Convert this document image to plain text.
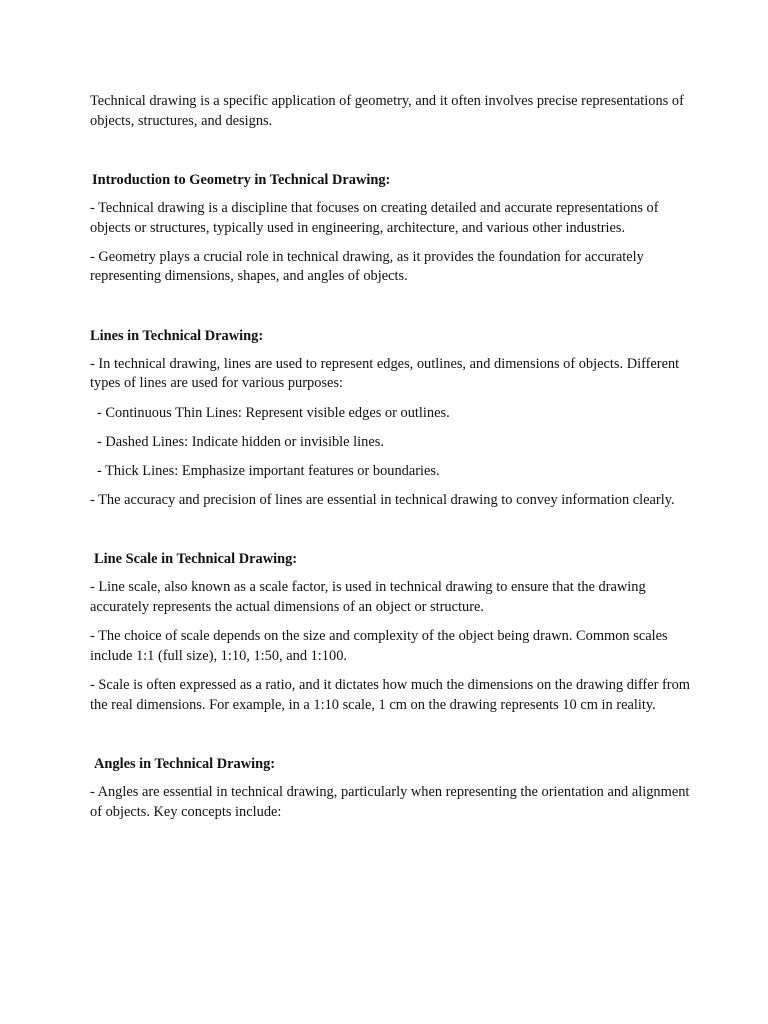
Technical drawing is a specific application of geometry, and it often involves precise representations of objects, structures, and designs.

Introduction to Geometry in Technical Drawing:

- Technical drawing is a discipline that focuses on creating detailed and accurate representations of objects or structures, typically used in engineering, architecture, and various other industries.

- Geometry plays a crucial role in technical drawing, as it provides the foundation for accurately representing dimensions, shapes, and angles of objects.

Lines in Technical Drawing:

- In technical drawing, lines are used to represent edges, outlines, and dimensions of objects. Different types of lines are used for various purposes:

- Continuous Thin Lines: Represent visible edges or outlines.

- Dashed Lines: Indicate hidden or invisible lines.

- Thick Lines: Emphasize important features or boundaries.

- The accuracy and precision of lines are essential in technical drawing to convey information clearly.

Line Scale in Technical Drawing:

- Line scale, also known as a scale factor, is used in technical drawing to ensure that the drawing accurately represents the actual dimensions of an object or structure.

- The choice of scale depends on the size and complexity of the object being drawn. Common scales include 1:1 (full size), 1:10, 1:50, and 1:100.

- Scale is often expressed as a ratio, and it dictates how much the dimensions on the drawing differ from the real dimensions. For example, in a 1:10 scale, 1 cm on the drawing represents 10 cm in reality.

Angles in Technical Drawing:

- Angles are essential in technical drawing, particularly when representing the orientation and alignment of objects. Key concepts include:
